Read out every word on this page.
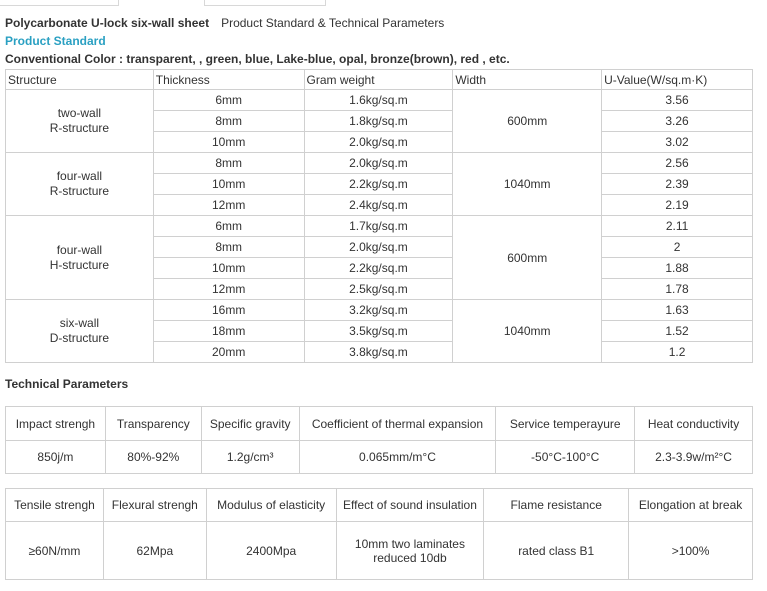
Polycarbonate U-lock six-wall sheet Product Standard & Technical Parameters
Product Standard
Conventional Color : transparent, , green, blue, Lake-blue, opal, bronze(brown), red , etc.
Structure	Thickness	Gram weight	Width	U-Value(W/sq.m·K)
two-wall
R-structure	6mm	1.6kg/sq.m	600mm	3.56
	8mm	1.8kg/sq.m		3.26
	10mm	2.0kg/sq.m		3.02
four-wall
R-structure	8mm	2.0kg/sq.m	1040mm	2.56
	10mm	2.2kg/sq.m		2.39
	12mm	2.4kg/sq.m		2.19
four-wall
H-structure	6mm	1.7kg/sq.m	600mm	2.11
	8mm	2.0kg/sq.m		2
	10mm	2.2kg/sq.m		1.88
	12mm	2.5kg/sq.m		1.78
six-wall
D-structure	16mm	3.2kg/sq.m	1040mm	1.63
	18mm	3.5kg/sq.m		1.52
	20mm	3.8kg/sq.m		1.2
Technical Parameters
Impact strengh	Transparency	Specific gravity	Coefficient of thermal expansion	Service temperayure	Heat conductivity
850j/m	80%-92%	1.2g/cm³	0.065mm/m°C	-50°C-100°C	2.3-3.9w/m²°C
Tensile strengh	Flexural strengh	Modulus of elasticity	Effect of sound insulation	Flame resistance	Elongation at break
≥60N/mm	62Mpa	2400Mpa	10mm two laminates reduced 10db	rated class B1	>100%
